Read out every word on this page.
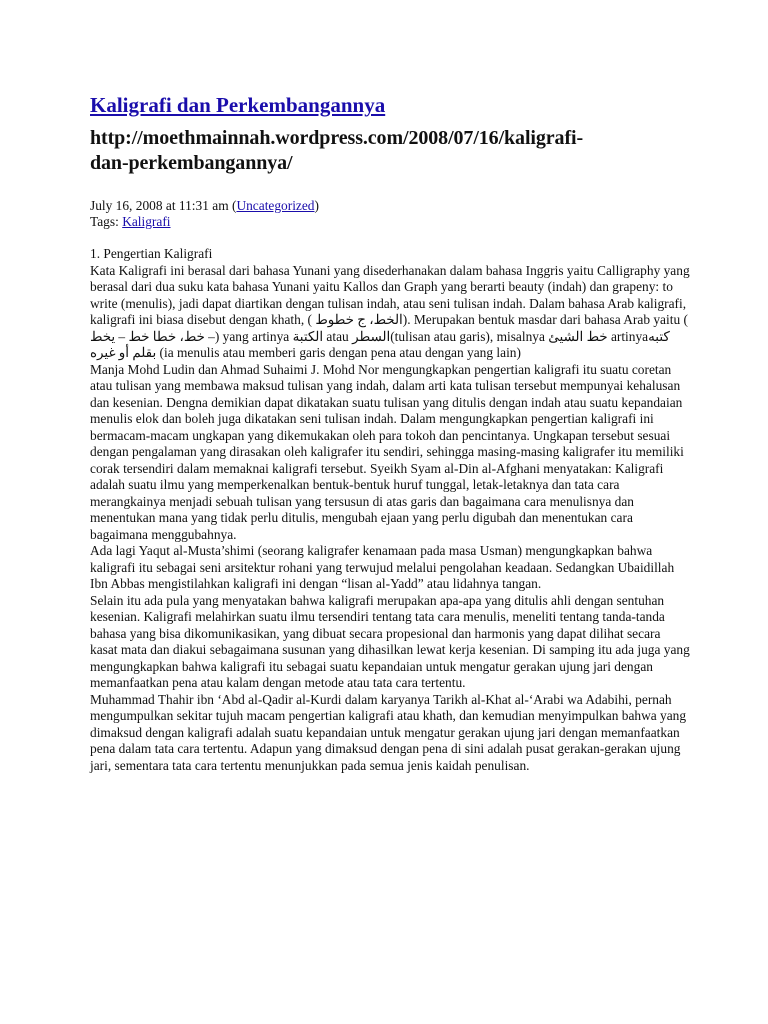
Kaligrafi dan Perkembangannya
http://moethmainnah.wordpress.com/2008/07/16/kaligrafi-
dan-perkembangannya/
July 16, 2008 at 11:31 am (Uncategorized)
Tags: Kaligrafi

1. Pengertian Kaligrafi

Kata Kaligrafi ini berasal dari bahasa Yunani yang disederhanakan dalam bahasa Inggris yaitu Calligraphy yang berasal dari dua suku kata bahasa Yunani yaitu Kallos dan Graph yang berarti beauty (indah) dan grapeny: to write (menulis), jadi dapat diartikan dengan tulisan indah, atau seni tulisan indah. Dalam bahasa Arab kaligrafi, kaligrafi ini biasa disebut dengan khath, ( الخط، ج خطوط). Merupakan bentuk masdar dari bahasa Arab yaitu ( – خط، خطا خط – يخط) yang artinya الكتبة atau السطر(tulisan atau garis), misalnya خط الشيئ artinyaكتبه بقلم أو غيره (ia menulis atau memberi garis dengan pena atau dengan yang lain)

Manja Mohd Ludin dan Ahmad Suhaimi J. Mohd Nor mengungkapkan pengertian kaligrafi itu suatu coretan atau tulisan yang membawa maksud tulisan yang indah, dalam arti kata tulisan tersebut mempunyai kehalusan dan kesenian. Dengna demikian dapat dikatakan suatu tulisan yang ditulis dengan indah atau suatu kepandaian menulis elok dan boleh juga dikatakan seni tulisan indah. Dalam mengungkapkan pengertian kaligrafi ini bermacam-macam ungkapan yang dikemukakan oleh para tokoh dan pencintanya. Ungkapan tersebut sesuai dengan pengalaman yang dirasakan oleh kaligrafer itu sendiri, sehingga masing-masing kaligrafer itu memiliki corak tersendiri dalam memaknai kaligrafi tersebut. Syeikh Syam al-Din al-Afghani menyatakan: Kaligrafi adalah suatu ilmu yang memperkenalkan bentuk-bentuk huruf tunggal, letak-letaknya dan tata cara merangkainya menjadi sebuah tulisan yang tersusun di atas garis dan bagaimana cara menulisnya dan menentukan mana yang tidak perlu ditulis, mengubah ejaan yang perlu digubah dan menentukan cara bagaimana menggubahnya.

Ada lagi Yaqut al-Musta’shimi (seorang kaligrafer kenamaan pada masa Usman) mengungkapkan bahwa kaligrafi itu sebagai seni arsitektur rohani yang terwujud melalui pengolahan keadaan. Sedangkan Ubaidillah Ibn Abbas mengistilahkan kaligrafi ini dengan “lisan al-Yadd” atau lidahnya tangan.

Selain itu ada pula yang menyatakan bahwa kaligrafi merupakan apa-apa yang ditulis ahli dengan sentuhan kesenian. Kaligrafi melahirkan suatu ilmu tersendiri tentang tata cara menulis, meneliti tentang tanda-tanda bahasa yang bisa dikomunikasikan, yang dibuat secara propesional dan harmonis yang dapat dilihat secara kasat mata dan diakui sebagaimana susunan yang dihasilkan lewat kerja kesenian. Di samping itu ada juga yang mengungkapkan bahwa kaligrafi itu sebagai suatu kepandaian untuk mengatur gerakan ujung jari dengan memanfaatkan pena atau kalam dengan metode atau tata cara tertentu.

Muhammad Thahir ibn ‘Abd al-Qadir al-Kurdi dalam karyanya Tarikh al-Khat al-‘Arabi wa Adabihi, pernah mengumpulkan sekitar tujuh macam pengertian kaligrafi atau khath, dan kemudian menyimpulkan bahwa yang dimaksud dengan kaligrafi adalah suatu kepandaian untuk mengatur gerakan ujung jari dengan memanfaatkan pena dalam tata cara tertentu. Adapun yang dimaksud dengan pena di sini adalah pusat gerakan-gerakan ujung jari, sementara tata cara tertentu menunjukkan pada semua jenis kaidah penulisan.
